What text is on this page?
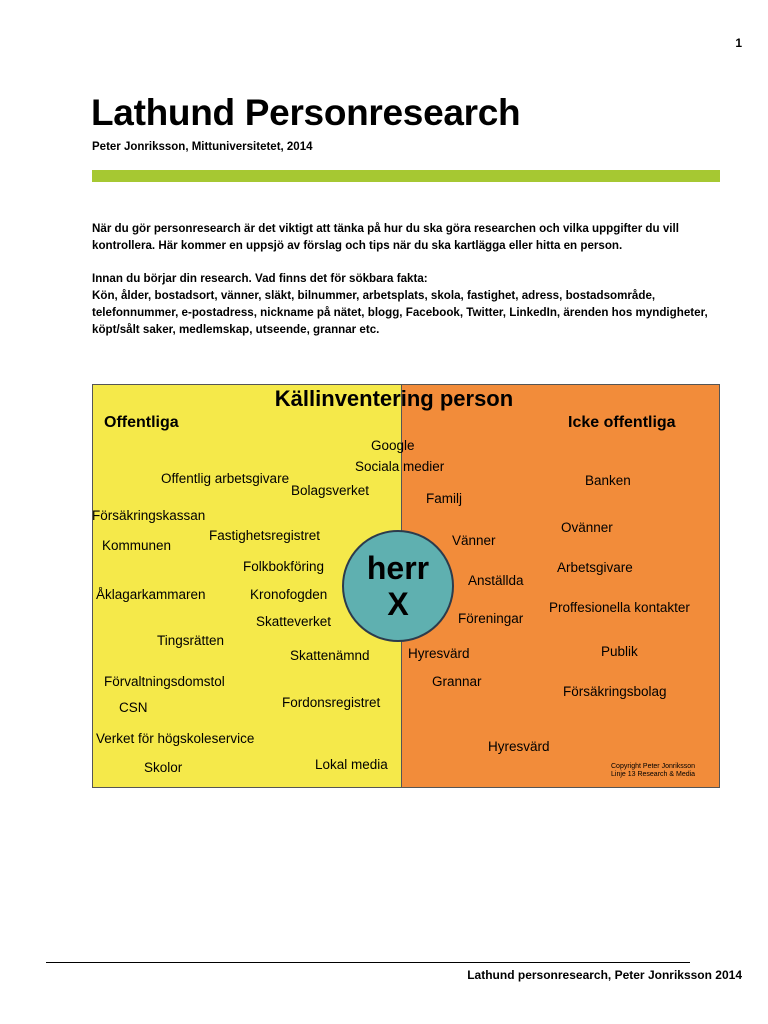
1
Lathund Personresearch
Peter Jonriksson, Mittuniversitetet, 2014

När du gör personresearch är det viktigt att tänka på hur du ska göra researchen och vilka uppgifter du vill kontrollera. Här kommer en uppsjö av förslag och tips när du ska kartlägga eller hitta en person.

Innan du börjar din research. Vad finns det för sökbara fakta:
Kön, ålder, bostadsort, vänner, släkt, bilnummer, arbetsplats, skola, fastighet, adress, bostadsområde, telefonnummer, e-postadress, nickname på nätet, blogg, Facebook, Twitter, LinkedIn, ärenden hos myndigheter, köpt/sålt saker, medlemskap, utseende, grannar etc.
Källinventering person
Offentliga	Icke offentliga
Google
Sociala medier
Offentlig arbetsgivare
Bolagsverket
Försäkringskassan
Fastighetsregistret
Kommunen
Folkbokföring
Åklagarkammaren	Kronofogden
Skatteverket
Tingsrätten
Skattenämnd
Förvaltningsdomstol
Fordonsregistret
CSN
Verket för högskoleservice
Skolor	Lokal media
Banken
Familj
Ovänner
Vänner
Arbetsgivare
Anställda
Proffesionella kontakter
Föreningar
Hyresvärd	Publik
Grannar
Försäkringsbolag
Hyresvärd
herr
X
Copyright Peter Jonriksson
Linje 13 Research & Media
Lathund personresearch, Peter Jonriksson 2014
